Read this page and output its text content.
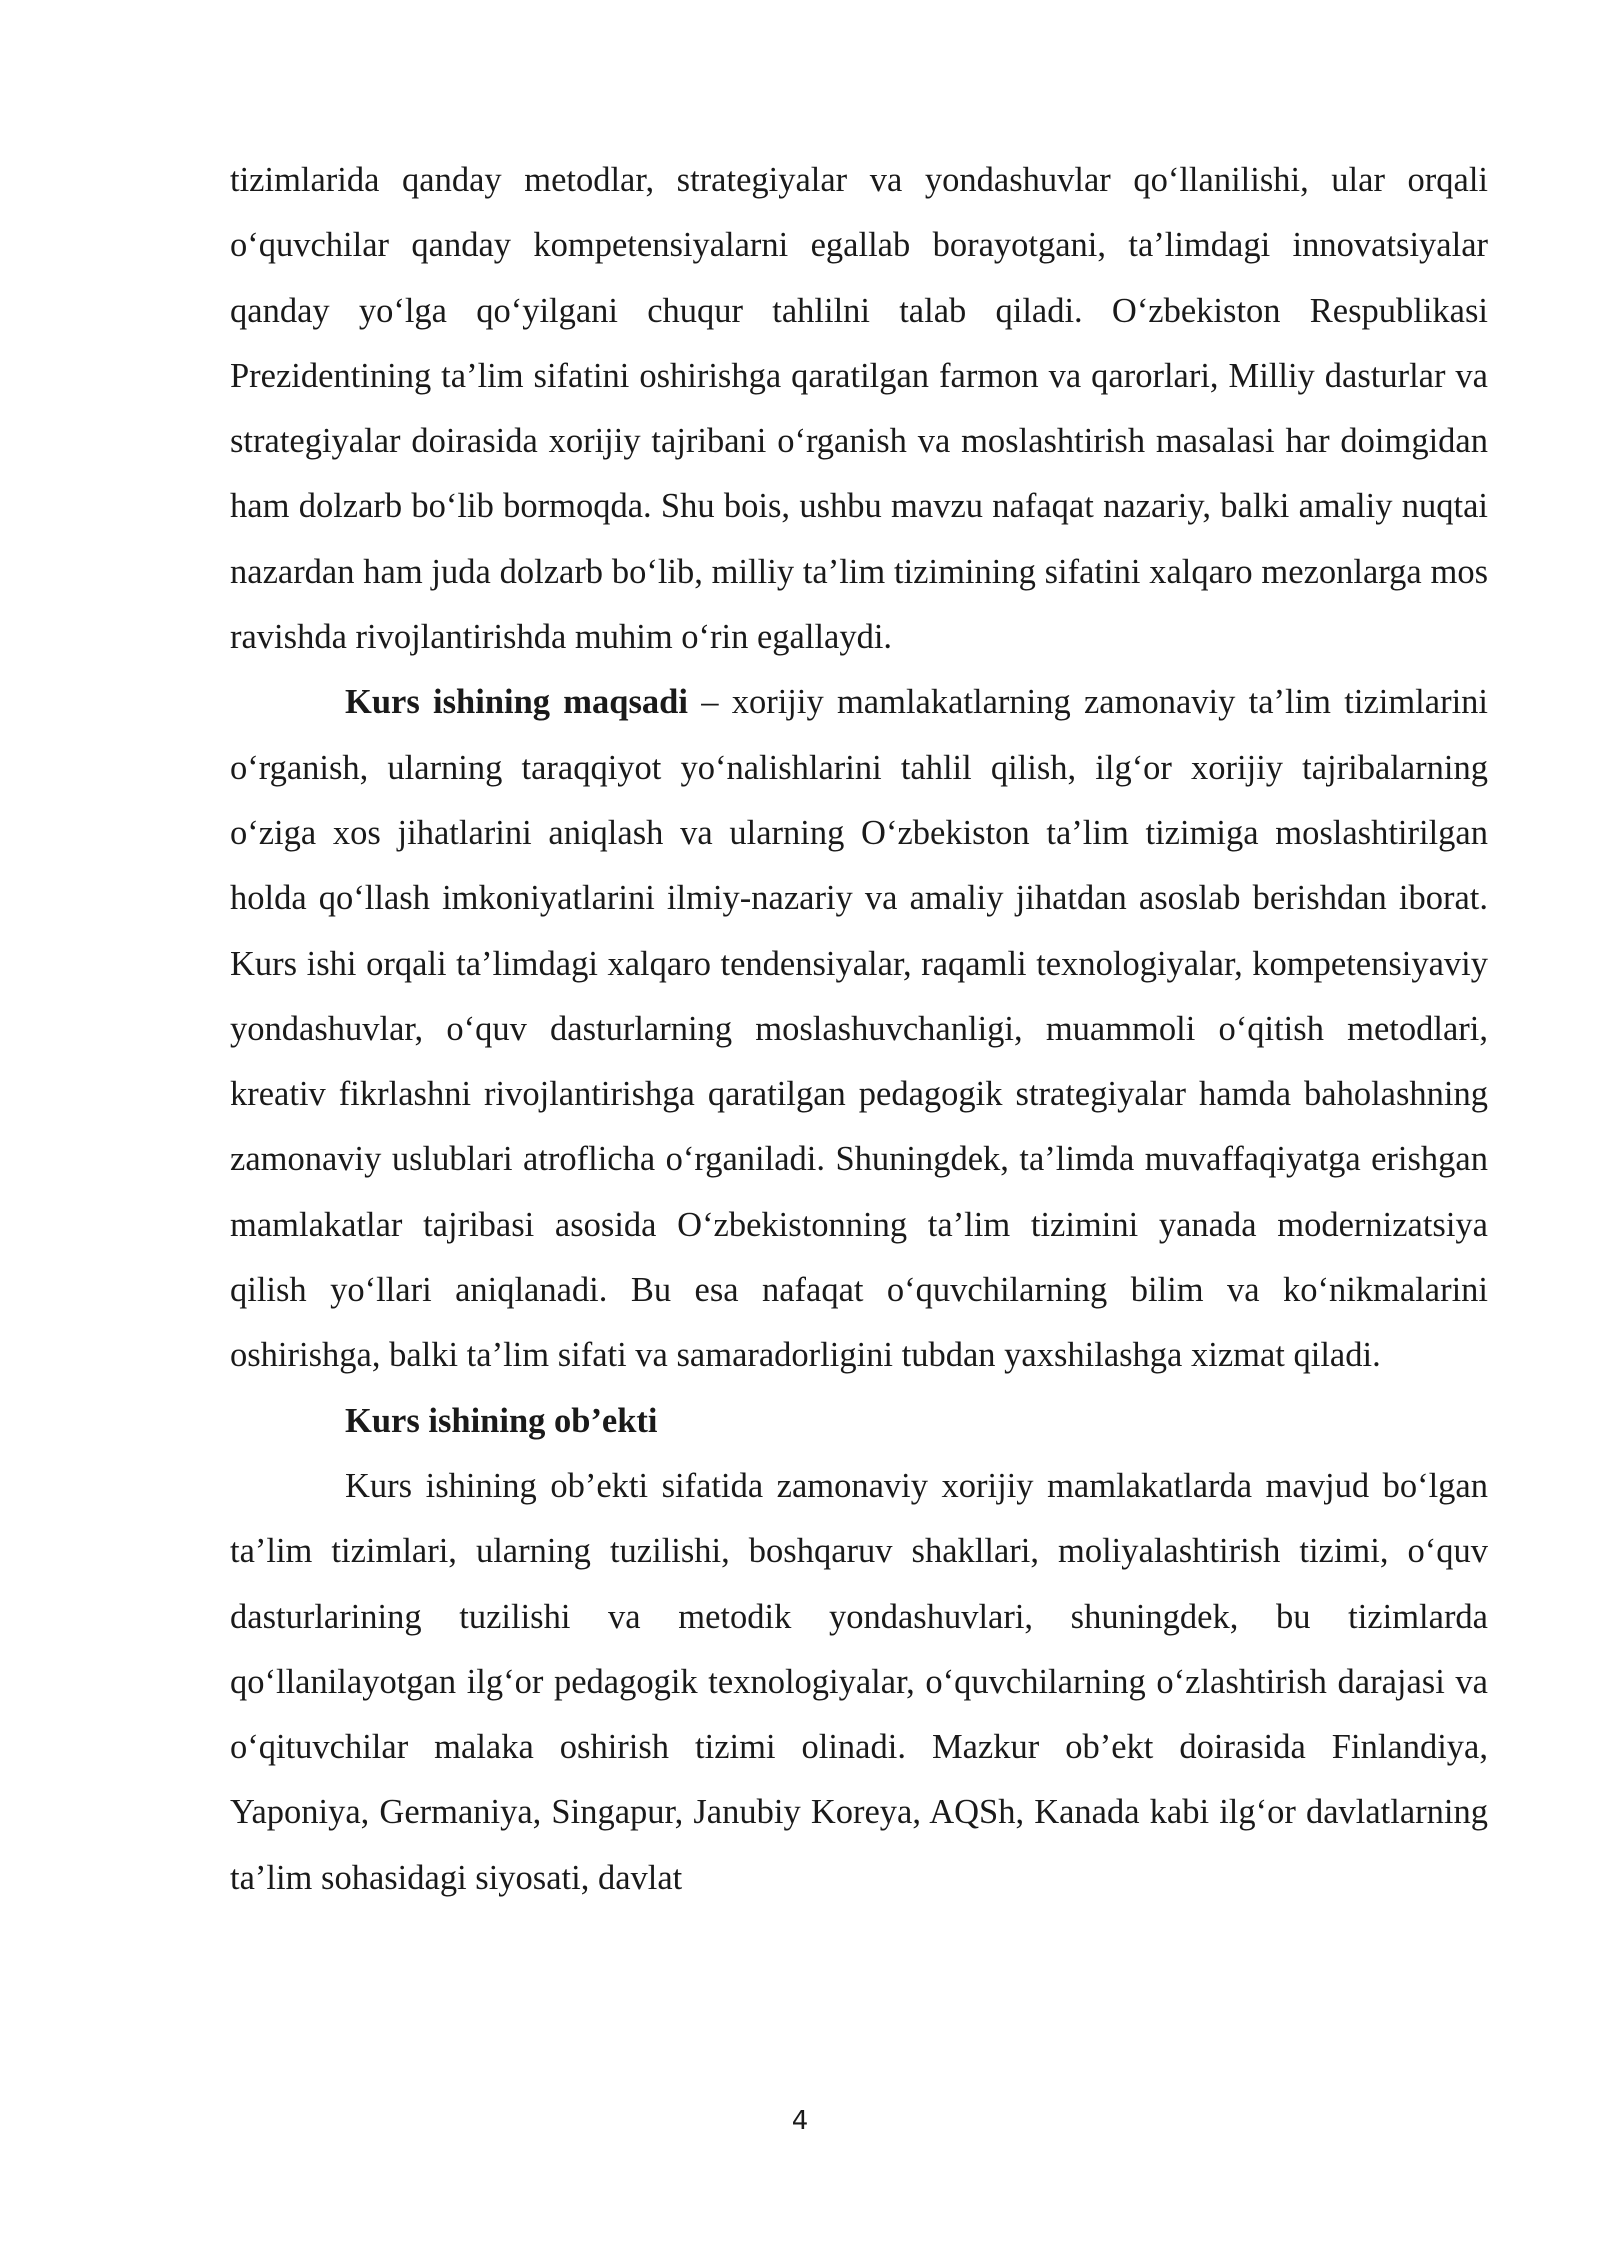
tizimlarida qanday metodlar, strategiyalar va yondashuvlar qo‘llanilishi, ular orqali o‘quvchilar qanday kompetensiyalarni egallab borayotgani, ta’limdagi innovatsiyalar qanday yo‘lga qo‘yilgani chuqur tahlilni talab qiladi. O‘zbekiston Respublikasi Prezidentining ta’lim sifatini oshirishga qaratilgan farmon va qarorlari, Milliy dasturlar va strategiyalar doirasida xorijiy tajribani o‘rganish va moslashtirish masalasi har doimgidan ham dolzarb bo‘lib bormoqda. Shu bois, ushbu mavzu nafaqat nazariy, balki amaliy nuqtai nazardan ham juda dolzarb bo‘lib, milliy ta’lim tizimining sifatini xalqaro mezonlarga mos ravishda rivojlantirishda muhim o‘rin egallaydi.

Kurs ishining maqsadi – xorijiy mamlakatlarning zamonaviy ta’lim tizimlarini o‘rganish, ularning taraqqiyot yo‘nalishlarini tahlil qilish, ilg‘or xorijiy tajribalarning o‘ziga xos jihatlarini aniqlash va ularning O‘zbekiston ta’lim tizimiga moslashtirilgan holda qo‘llash imkoniyatlarini ilmiy-nazariy va amaliy jihatdan asoslab berishdan iborat. Kurs ishi orqali ta’limdagi xalqaro tendensiyalar, raqamli texnologiyalar, kompetensiyaviy yondashuvlar, o‘quv dasturlarning moslashuvchanligi, muammoli o‘qitish metodlari, kreativ fikrlashni rivojlantirishga qaratilgan pedagogik strategiyalar hamda baholashning zamonaviy uslublari atroflicha o‘rganiladi. Shuningdek, ta’limda muvaffaqiyatga erishgan mamlakatlar tajribasi asosida O‘zbekistonning ta’lim tizimini yanada modernizatsiya qilish yo‘llari aniqlanadi. Bu esa nafaqat o‘quvchilarning bilim va ko‘nikmalarini oshirishga, balki ta’lim sifati va samaradorligini tubdan yaxshilashga xizmat qiladi.

Kurs ishining ob’ekti

Kurs ishining ob’ekti sifatida zamonaviy xorijiy mamlakatlarda mavjud bo‘lgan ta’lim tizimlari, ularning tuzilishi, boshqaruv shakllari, moliyalashtirish tizimi, o‘quv dasturlarining tuzilishi va metodik yondashuvlari, shuningdek, bu tizimlarda qo‘llanilayotgan ilg‘or pedagogik texnologiyalar, o‘quvchilarning o‘zlashtirish darajasi va o‘qituvchilar malaka oshirish tizimi olinadi. Mazkur ob’ekt doirasida Finlandiya, Yaponiya, Germaniya, Singapur, Janubiy Koreya, AQSh, Kanada kabi ilg‘or davlatlarning ta’lim sohasidagi siyosati, davlat

4
